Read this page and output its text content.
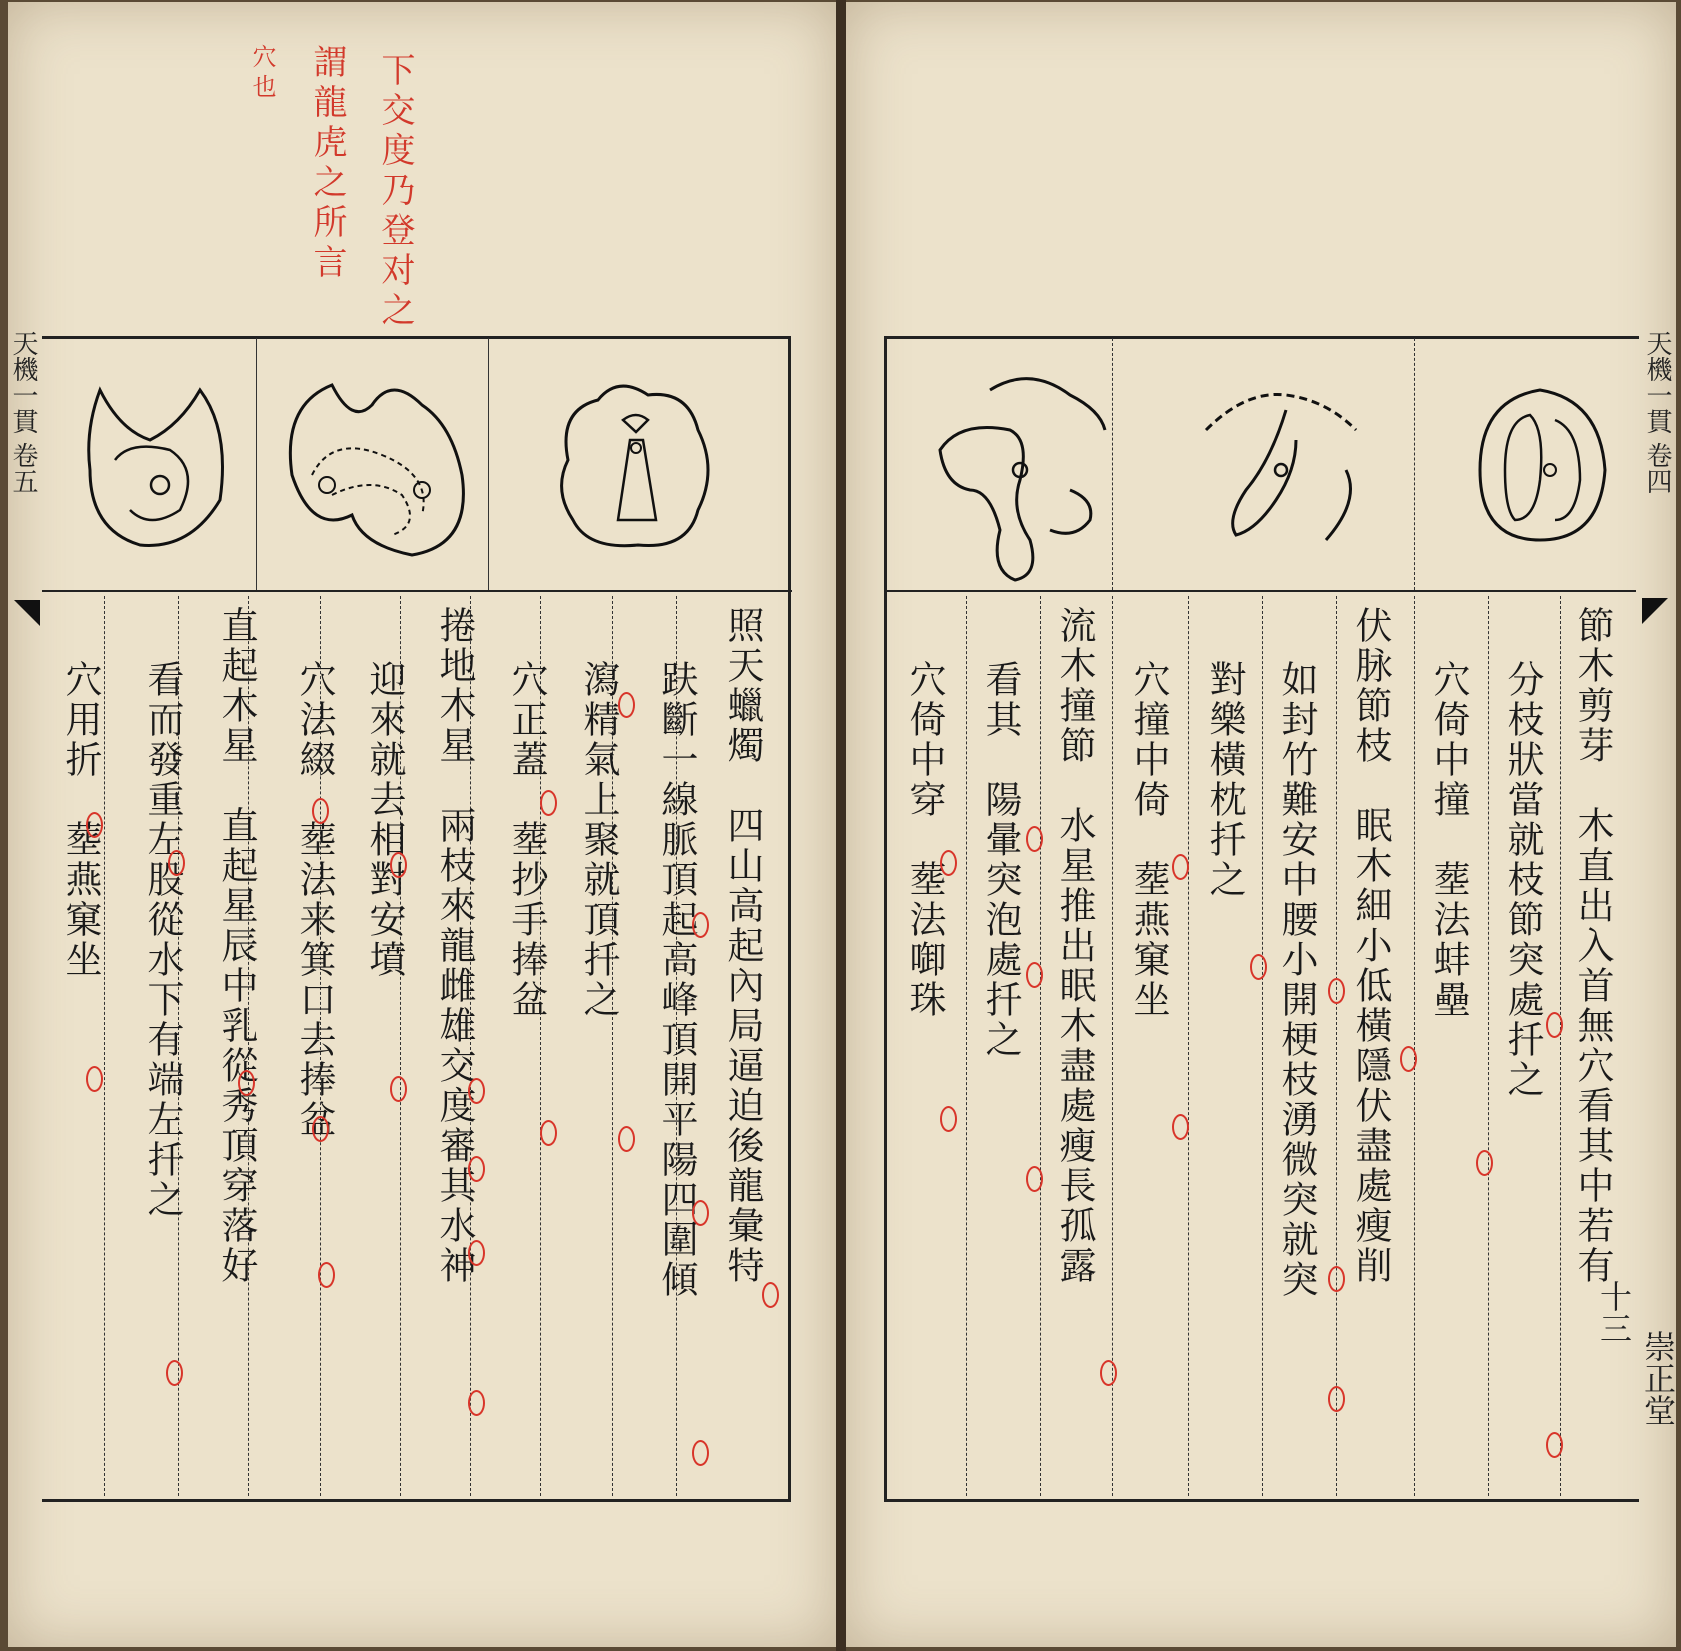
下交度乃登对之
謂龍虎之所言
穴也
天機一貫 卷五
照天蠟燭　四山高起內局逼迫後龍彙特
趺斷一線脈頂起高峰頂開平陽四圍傾
瀉精氣上聚就頂扦之
穴正蓋　塟抄手捧盆
捲地木星　兩枝來龍雌雄交度審其水神
迎來就去相對安墳
穴法綴　塟法来箕口去捧盆
直起木星　直起星辰中乳從秀頂穿落好
看而發重左股從水下有端左扦之
穴用折　塟燕窠坐
天機一貫 卷四
節木剪芽　木直出入首無穴看其中若有
分枝狀當就枝節突處扦之
穴倚中撞　塟法蚌壘
伏脉節枝　眠木細小低橫隱伏盡處瘦削
如封竹難安中腰小開梗枝湧微突就突
對樂橫枕扦之
穴撞中倚　塟燕窠坐
流木撞節　水星推出眠木盡處瘦長孤露
看其　陽暈突泡處扦之
穴倚中穿　塟法啣珠
十三
崇正堂
